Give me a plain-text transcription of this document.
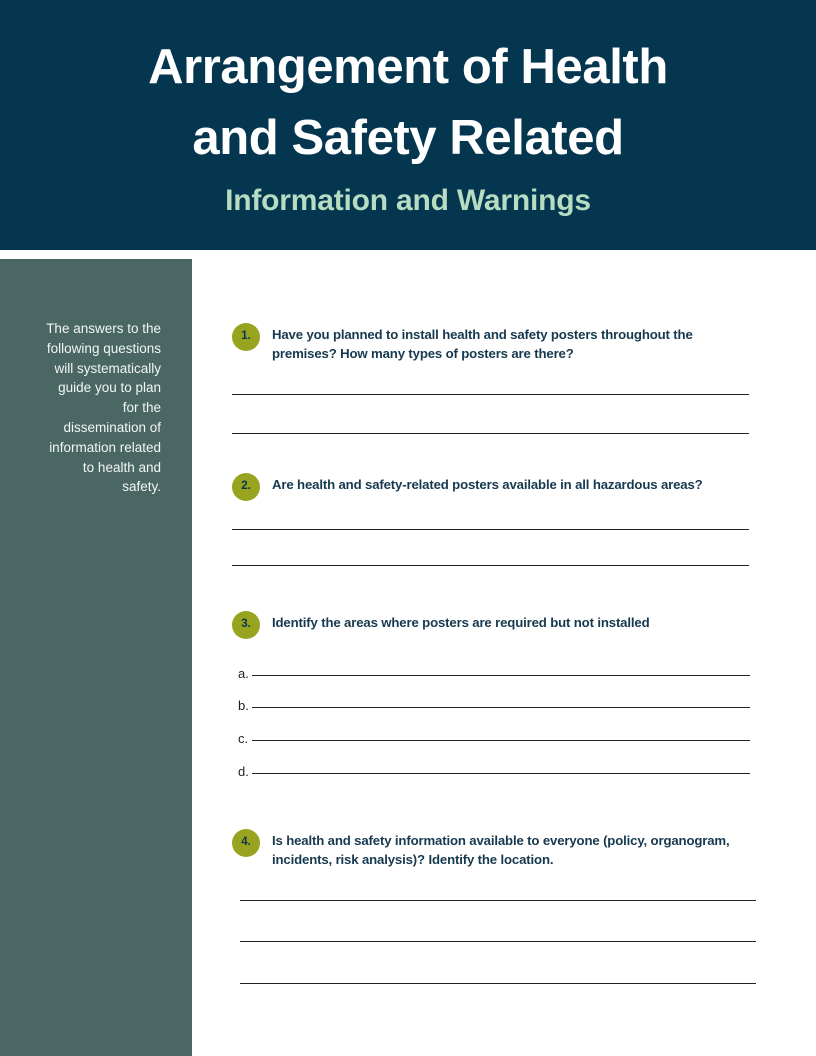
Arrangement of Health
and Safety Related
Information and Warnings
The answers to the following questions will systematically guide you to plan for the dissemination of information related to health and safety.
1.	Have you planned to install health and safety posters throughout the premises? How many types of posters are there?
2.	Are health and safety-related posters available in all hazardous areas?
3.	Identify the areas where posters are required but not installed
a.
b.
c.
d.
4.	Is health and safety information available to everyone (policy, organogram, incidents, risk analysis)? Identify the location.
